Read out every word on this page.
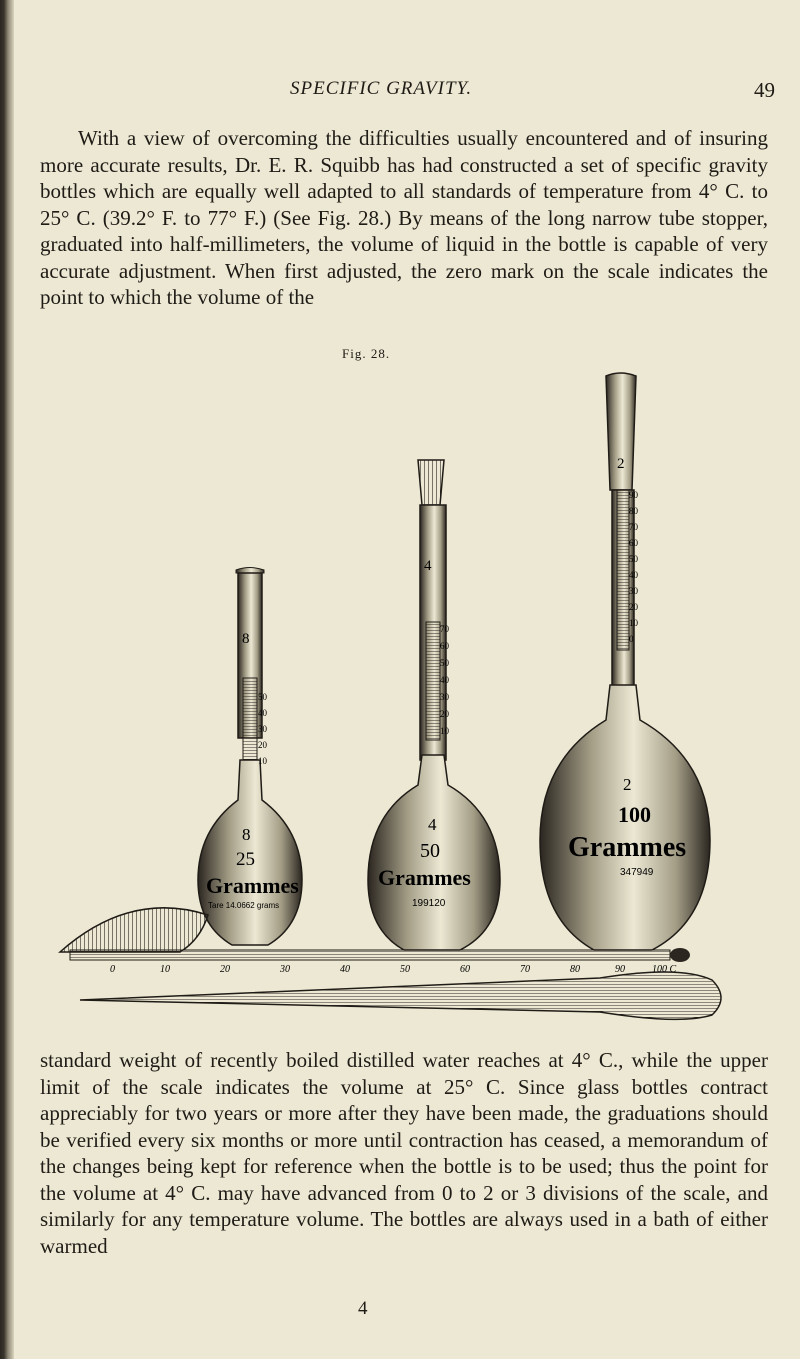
SPECIFIC GRAVITY.	49

With a view of overcoming the difficulties usually encountered and of insuring more accurate results, Dr. E. R. Squibb has had constructed a set of specific gravity bottles which are equally well adapted to all standards of temperature from 4° C. to 25° C. (39.2° F. to 77° F.) (See Fig. 28.) By means of the long narrow tube stopper, graduated into half-millimeters, the volume of liquid in the bottle is capable of very accurate adjustment. When first adjusted, the zero mark on the scale indicates the point to which the volume of the

Fig. 28.
8
50
40
30
20
10
8
25
Grammes
Tare 14.0662 grams
4
70
60
50
40
30
20
10
4
50
Grammes
199120
2
90
80
70
60
50
40
30
20
10
0
2
100
Grammes
347949
0	10	20	30	40	50	60	70	80	90	100 C

standard weight of recently boiled distilled water reaches at 4° C., while the upper limit of the scale indicates the volume at 25° C. Since glass bottles contract appreciably for two years or more after they have been made, the graduations should be verified every six months or more until contraction has ceased, a memorandum of the changes being kept for reference when the bottle is to be used; thus the point for the volume at 4° C. may have advanced from 0 to 2 or 3 divisions of the scale, and similarly for any temperature volume. The bottles are always used in a bath of either warmed

4
